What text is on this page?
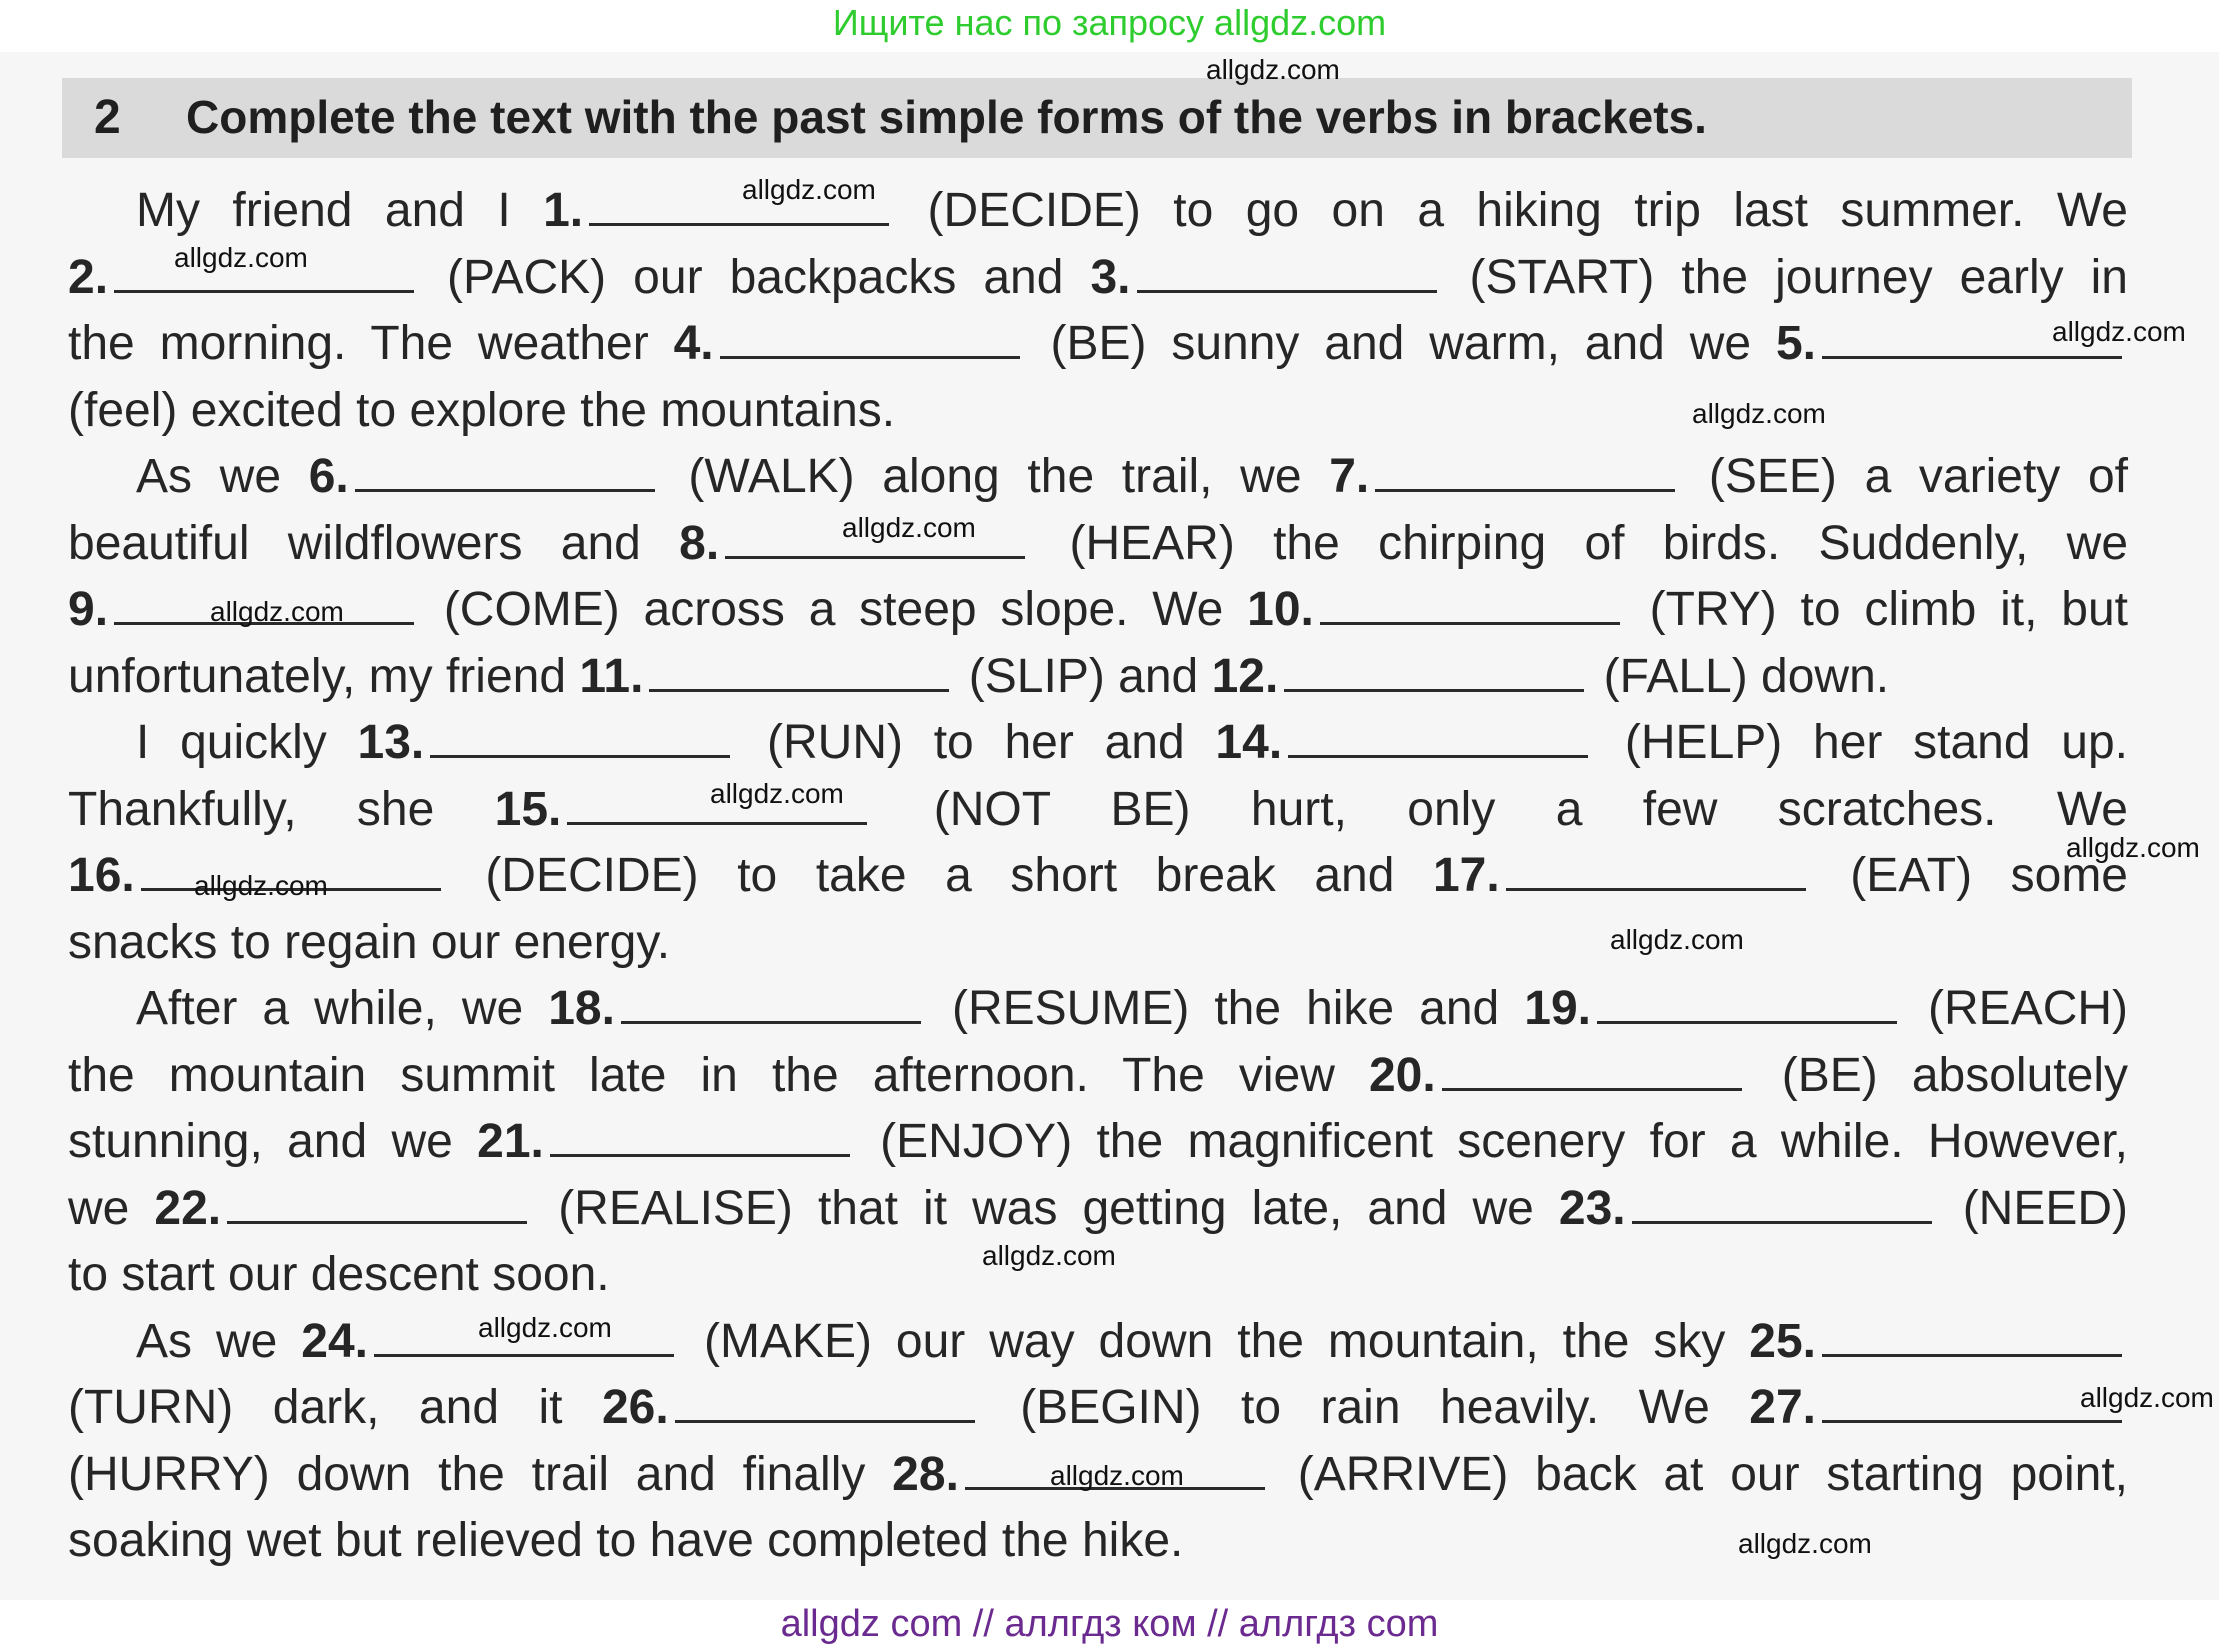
Ищите нас по запросу allgdz.com
2 Complete the text with the past simple forms of the verbs in brackets.
My friend and I 1.	(DECIDE) to go on a hiking trip last summer. We
2.	(PACK) our backpacks and 3.	(START) the journey early in
the morning. The weather 4.	(BE) sunny and warm, and we 5.
(feel) excited to explore the mountains.
As we 6.	(WALK) along the trail, we 7.	(SEE) a variety of
beautiful wildflowers and 8.	(HEAR) the chirping of birds. Suddenly, we
9.	(COME) across a steep slope. We 10.	(TRY) to climb it, but
unfortunately, my friend 11.	(SLIP) and 12.	(FALL) down.
I quickly 13.	(RUN) to her and 14.	(HELP) her stand up.
Thankfully, she 15.	(NOT BE) hurt, only a few scratches. We
16.	(DECIDE) to take a short break and 17.	(EAT) some
snacks to regain our energy.
After a while, we 18.	(RESUME) the hike and 19.	(REACH)
the mountain summit late in the afternoon. The view 20.	(BE) absolutely
stunning, and we 21.	(ENJOY) the magnificent scenery for a while. However,
we 22.	(REALISE) that it was getting late, and we 23.	(NEED)
to start our descent soon.
As we 24.	(MAKE) our way down the mountain, the sky 25.
(TURN) dark, and it 26.	(BEGIN) to rain heavily. We 27.
(HURRY) down the trail and finally 28.	(ARRIVE) back at our starting point,
soaking wet but relieved to have completed the hike.
allgdz.com
allgdz.com
allgdz.com
allgdz.com
allgdz.com
allgdz.com
allgdz.com
allgdz.com
allgdz.com
allgdz.com
allgdz.com
allgdz.com
allgdz.com
allgdz.com
allgdz.com
allgdz.com
allgdz com // аллгдз ком // аллгдз com
